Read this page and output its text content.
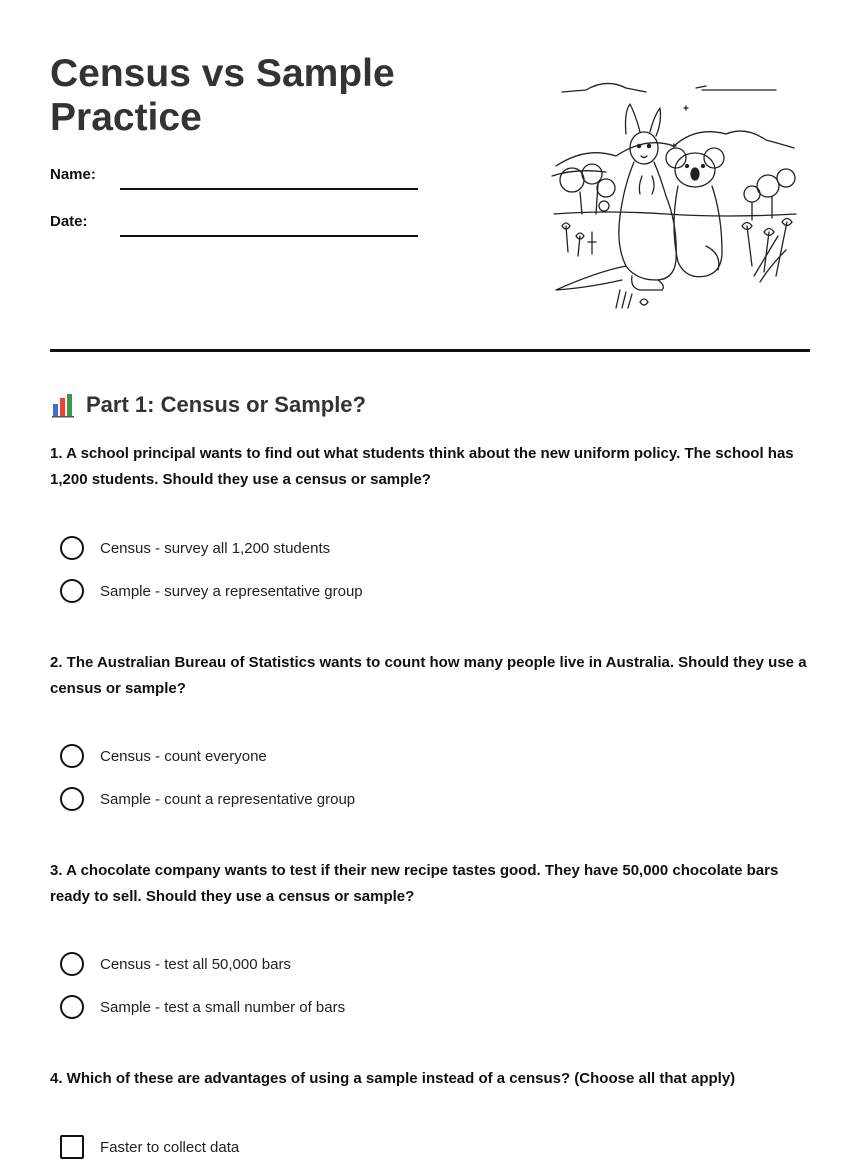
Census vs Sample Practice
Name:
Date:
Part 1: Census or Sample?

1. A school principal wants to find out what students think about the new uniform policy. The school has 1,200 students. Should they use a census or sample?

Census - survey all 1,200 students
Sample - survey a representative group

2. The Australian Bureau of Statistics wants to count how many people live in Australia. Should they use a census or sample?

Census - count everyone
Sample - count a representative group

3. A chocolate company wants to test if their new recipe tastes good. They have 50,000 chocolate bars ready to sell. Should they use a census or sample?

Census - test all 50,000 bars
Sample - test a small number of bars

4. Which of these are advantages of using a sample instead of a census? (Choose all that apply)

Faster to collect data
